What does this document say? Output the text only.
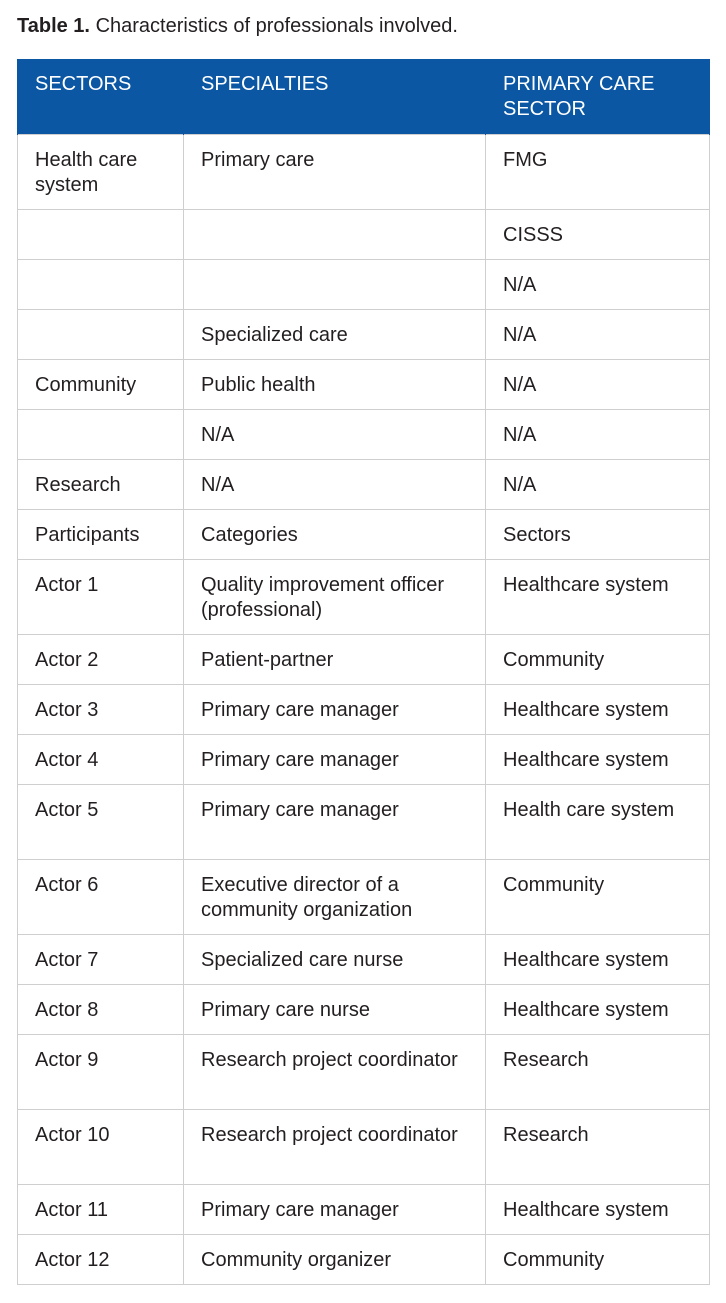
Table 1. Characteristics of professionals involved.
SECTORS	SPECIALTIES	PRIMARY CARE SECTOR
Health care system	Primary care	FMG
		CISSS
		N/A
	Specialized care	N/A
Community	Public health	N/A
	N/A	N/A
Research	N/A	N/A
Participants	Categories	Sectors
Actor 1	Quality improvement officer (professional)	Healthcare system
Actor 2	Patient-partner	Community
Actor 3	Primary care manager	Healthcare system
Actor 4	Primary care manager	Healthcare system
Actor 5	Primary care manager	Health care system
Actor 6	Executive director of a community organization	Community
Actor 7	Specialized care nurse	Healthcare system
Actor 8	Primary care nurse	Healthcare system
Actor 9	Research project coordinator	Research
Actor 10	Research project coordinator	Research
Actor 11	Primary care manager	Healthcare system
Actor 12	Community organizer	Community
